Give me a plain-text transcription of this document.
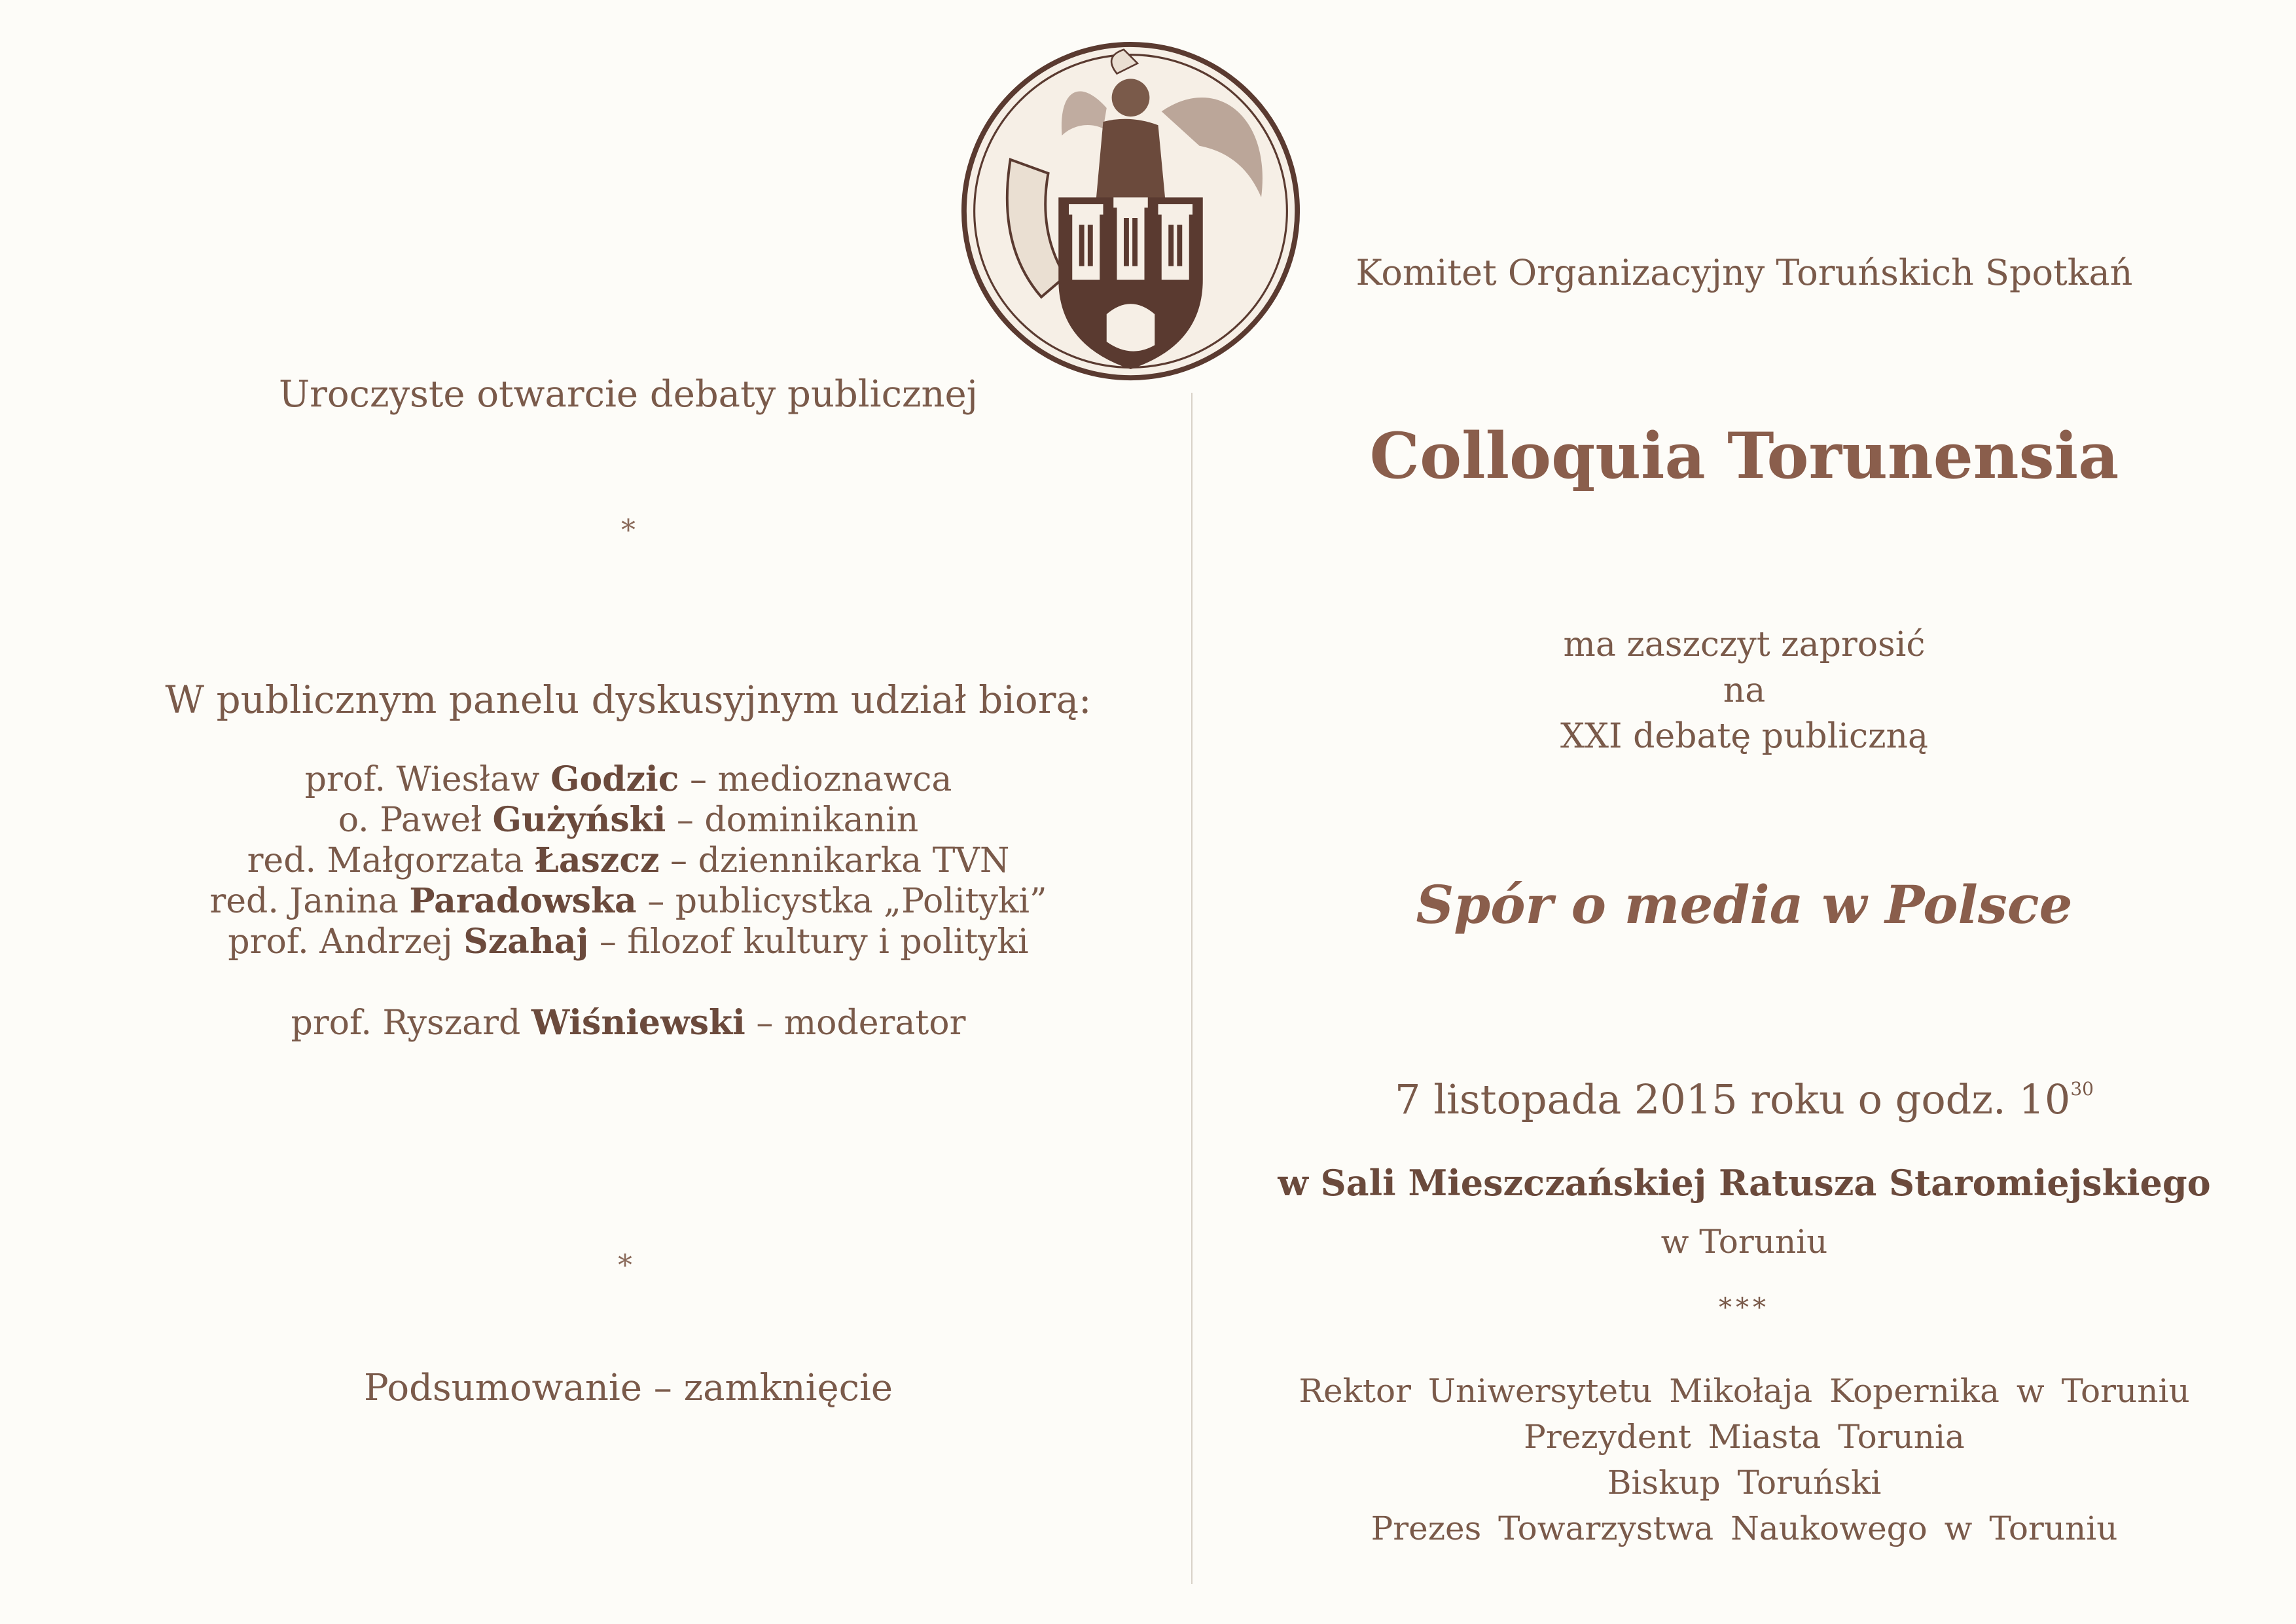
Uroczyste otwarcie debaty publicznej
*
W publicznym panelu dyskusyjnym udział biorą:
prof. Wiesław Godzic – medioznawca
o. Paweł Gużyński – dominikanin
red. Małgorzata Łaszcz – dziennikarka TVN
red. Janina Paradowska – publicystka „Polityki”
prof. Andrzej Szahaj – filozof kultury i polityki
prof. Ryszard Wiśniewski – moderator
*
Podsumowanie – zamknięcie
Komitet Organizacyjny Toruńskich Spotkań
Colloquia Torunensia
ma zaszczyt zaprosić
na
XXI debatę publiczną
Spór o media w Polsce
7 listopada 2015 roku o godz. $10^{30}$
w Sali Mieszczańskiej Ratusza Staromiejskiego
w Toruniu
***
Rektor Uniwersytetu Mikołaja Kopernika w Toruniu
Prezydent Miasta Torunia
Biskup Toruński
Prezes Towarzystwa Naukowego w Toruniu
